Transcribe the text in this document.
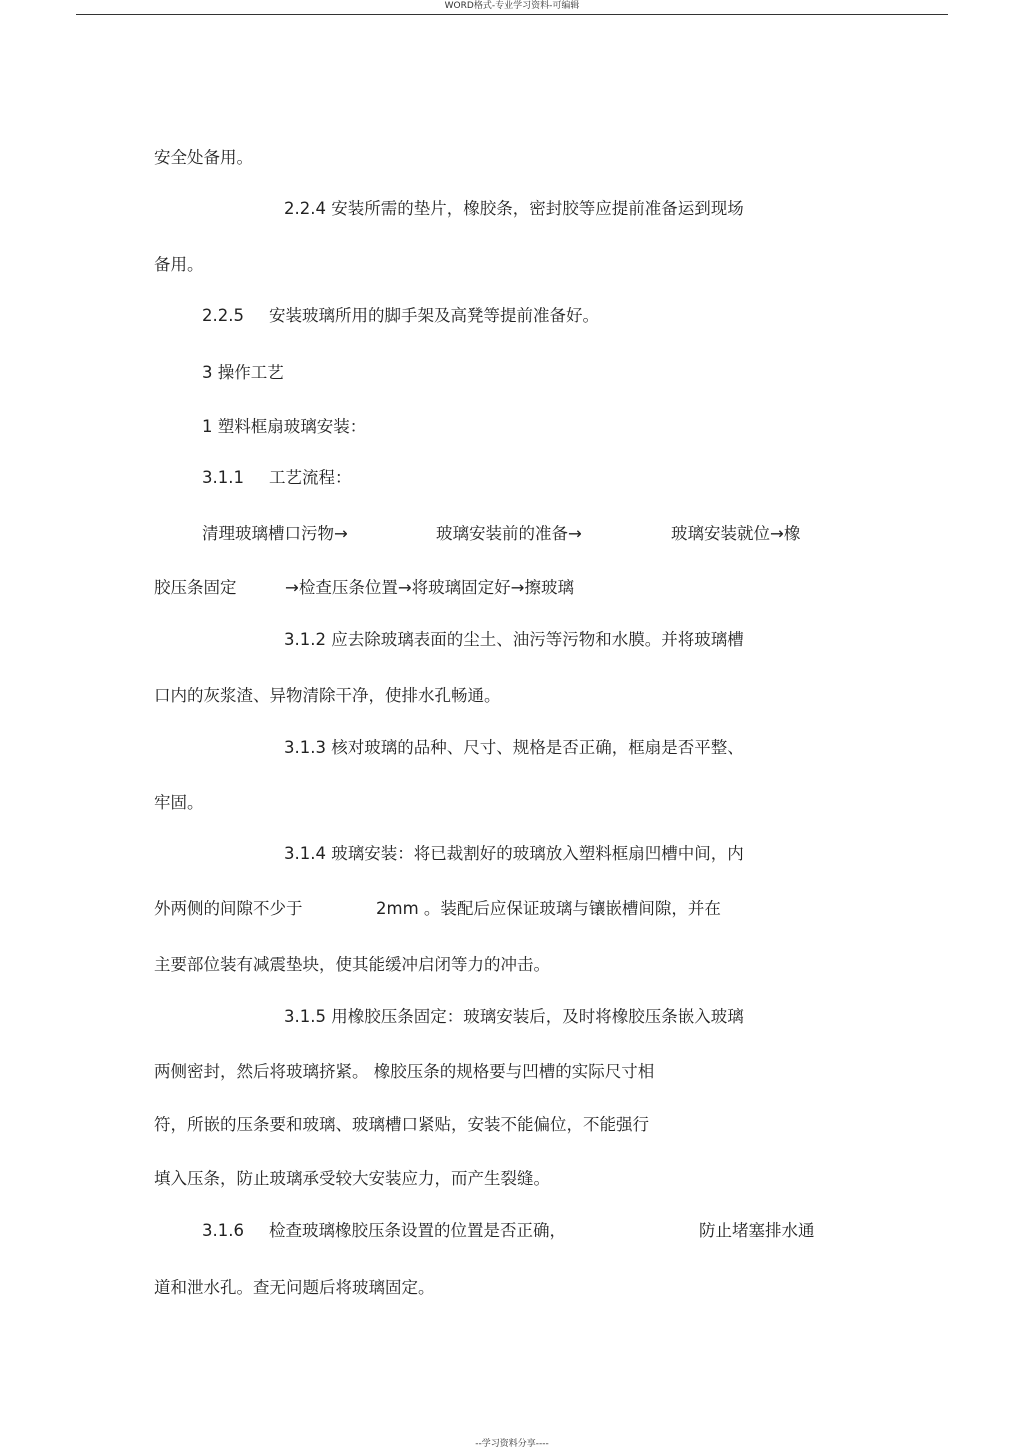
WORD格式-专业学习资料-可编辑
安全处备用。
2.2.4 安装所需的垫片，橡胶条，密封胶等应提前准备运到现场
备用。
2.2.5 安装玻璃所用的脚手架及高凳等提前准备好。
3 操作工艺
1 塑料框扇玻璃安装：
3.1.1 工艺流程：
清理玻璃槽口污物→	玻璃安装前的准备→	玻璃安装就位→橡
胶压条固定	→检查压条位置→将玻璃固定好→擦玻璃
3.1.2 应去除玻璃表面的尘土、油污等污物和水膜。并将玻璃槽
口内的灰浆渣、异物清除干净，使排水孔畅通。
3.1.3 核对玻璃的品种、尺寸、规格是否正确，框扇是否平整、
牢固。
3.1.4 玻璃安装：将已裁割好的玻璃放入塑料框扇凹槽中间，内
外两侧的间隙不少于	2mm 。装配后应保证玻璃与镶嵌槽间隙，并在
主要部位装有减震垫块，使其能缓冲启闭等力的冲击。
3.1.5 用橡胶压条固定：玻璃安装后，及时将橡胶压条嵌入玻璃
两侧密封，然后将玻璃挤紧。 橡胶压条的规格要与凹槽的实际尺寸相
符，所嵌的压条要和玻璃、玻璃槽口紧贴，安装不能偏位，不能强行
填入压条，防止玻璃承受较大安装应力，而产生裂缝。
3.1.6 检查玻璃橡胶压条设置的位置是否正确，	防止堵塞排水通
道和泄水孔。查无问题后将玻璃固定。
--学习资料分享----
